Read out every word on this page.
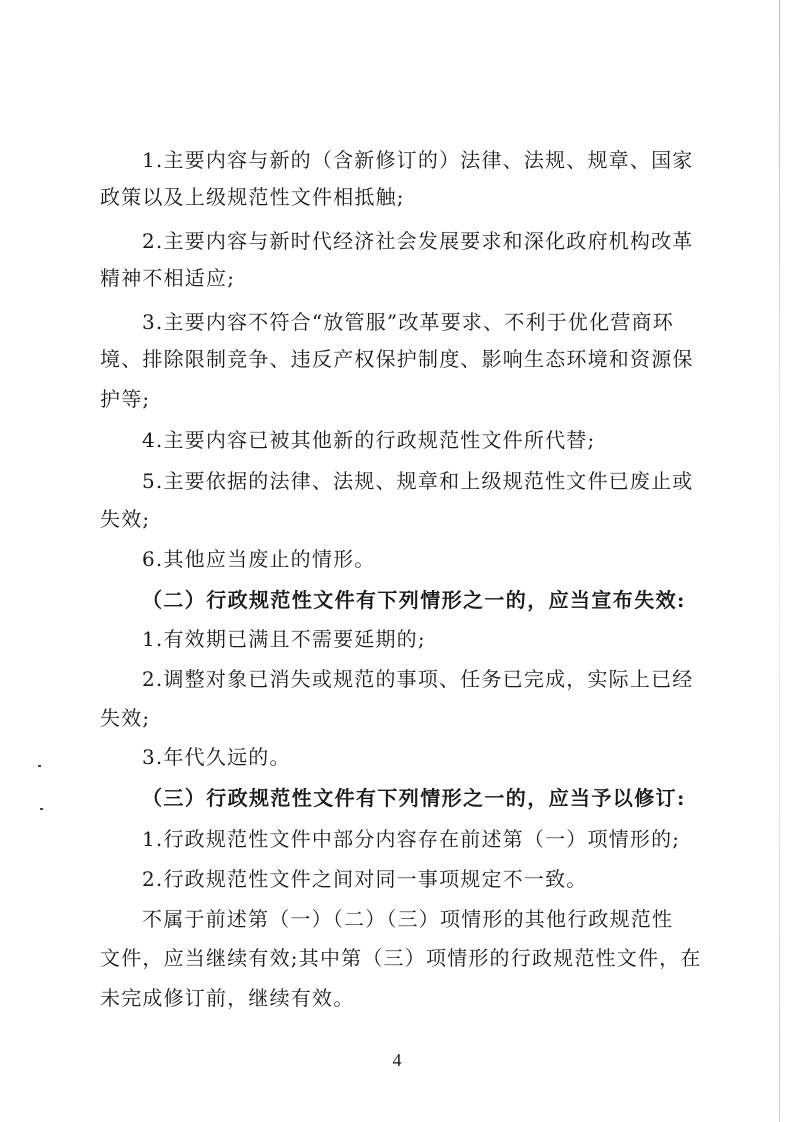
1.主要内容与新的（含新修订的）法律、法规、规章、国家
政策以及上级规范性文件相抵触;
2.主要内容与新时代经济社会发展要求和深化政府机构改革
精神不相适应;
3.主要内容不符合“放管服”改革要求、不利于优化营商环
境、排除限制竞争、违反产权保护制度、影响生态环境和资源保
护等;
4.主要内容已被其他新的行政规范性文件所代替;
5.主要依据的法律、法规、规章和上级规范性文件已废止或
失效;
6.其他应当废止的情形。
（二）行政规范性文件有下列情形之一的，应当宣布失效:
1.有效期已满且不需要延期的;
2.调整对象已消失或规范的事项、任务已完成，实际上已经
失效;
3.年代久远的。
（三）行政规范性文件有下列情形之一的，应当予以修订:
1.行政规范性文件中部分内容存在前述第（一）项情形的;
2.行政规范性文件之间对同一事项规定不一致。
不属于前述第（一）（二）（三）项情形的其他行政规范性
文件，应当继续有效;其中第（三）项情形的行政规范性文件，在
未完成修订前，继续有效。
4
